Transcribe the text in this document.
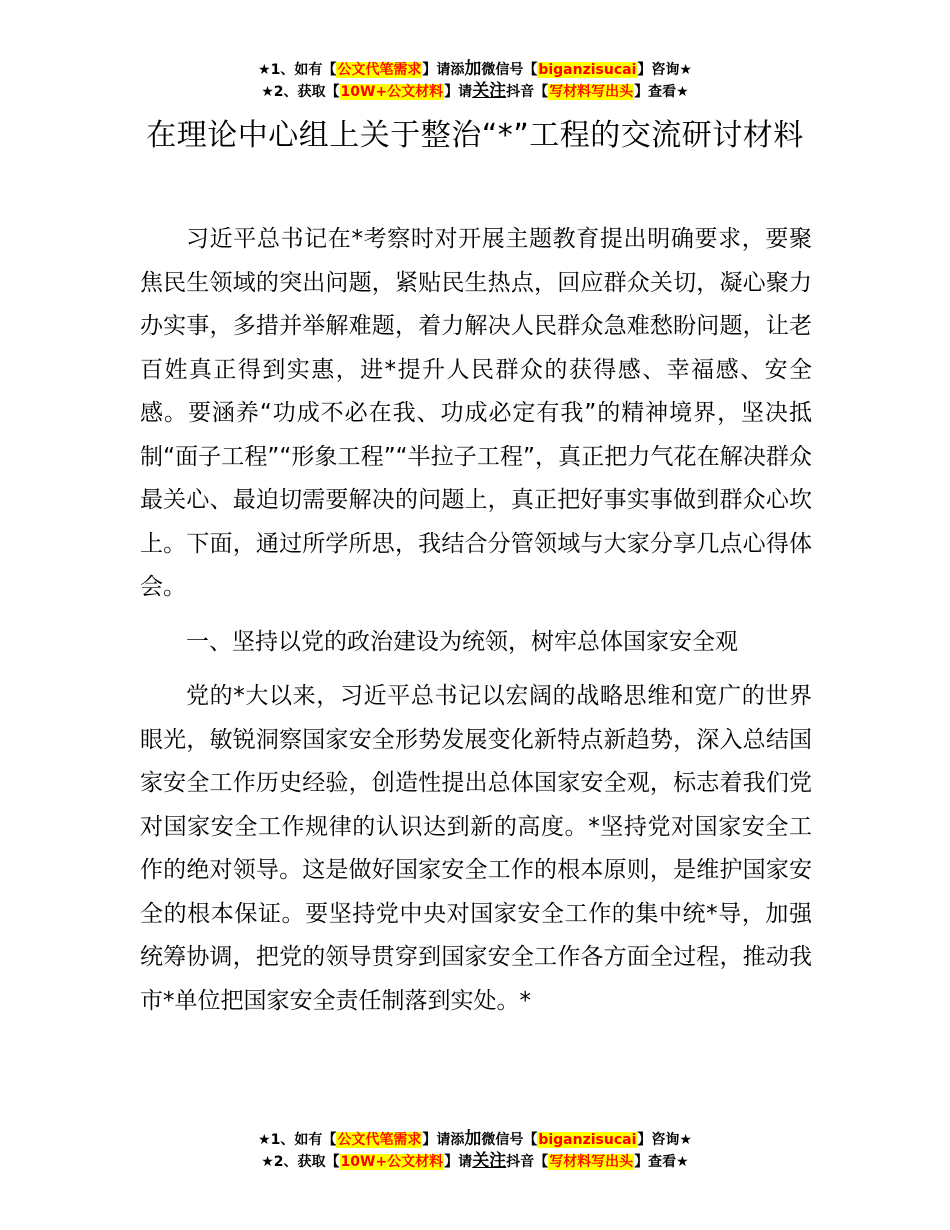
★1、如有【公文代笔需求】请添加微信号【biganzisucai】咨询★
★2、获取【10W+公文材料】请关注抖音【写材料写出头】查看★
在理论中心组上关于整治“*”工程的交流研讨材料

习近平总书记在*考察时对开展主题教育提出明确要求，要聚焦民生领域的突出问题，紧贴民生热点，回应群众关切，凝心聚力办实事，多措并举解难题，着力解决人民群众急难愁盼问题，让老百姓真正得到实惠，进*提升人民群众的获得感、幸福感、安全感。要涵养“功成不必在我、功成必定有我”的精神境界，坚决抵制“面子工程”“形象工程”“半拉子工程”，真正把力气花在解决群众最关心、最迫切需要解决的问题上，真正把好事实事做到群众心坎上。下面，通过所学所思，我结合分管领域与大家分享几点心得体会。

一、坚持以党的政治建设为统领，树牢总体国家安全观

党的*大以来，习近平总书记以宏阔的战略思维和宽广的世界眼光，敏锐洞察国家安全形势发展变化新特点新趋势，深入总结国家安全工作历史经验，创造性提出总体国家安全观，标志着我们党对国家安全工作规律的认识达到新的高度。*坚持党对国家安全工作的绝对领导。这是做好国家安全工作的根本原则，是维护国家安全的根本保证。要坚持党中央对国家安全工作的集中统*导，加强统筹协调，把党的领导贯穿到国家安全工作各方面全过程，推动我市*单位把国家安全责任制落到实处。*

★1、如有【公文代笔需求】请添加微信号【biganzisucai】咨询★
★2、获取【10W+公文材料】请关注抖音【写材料写出头】查看★
